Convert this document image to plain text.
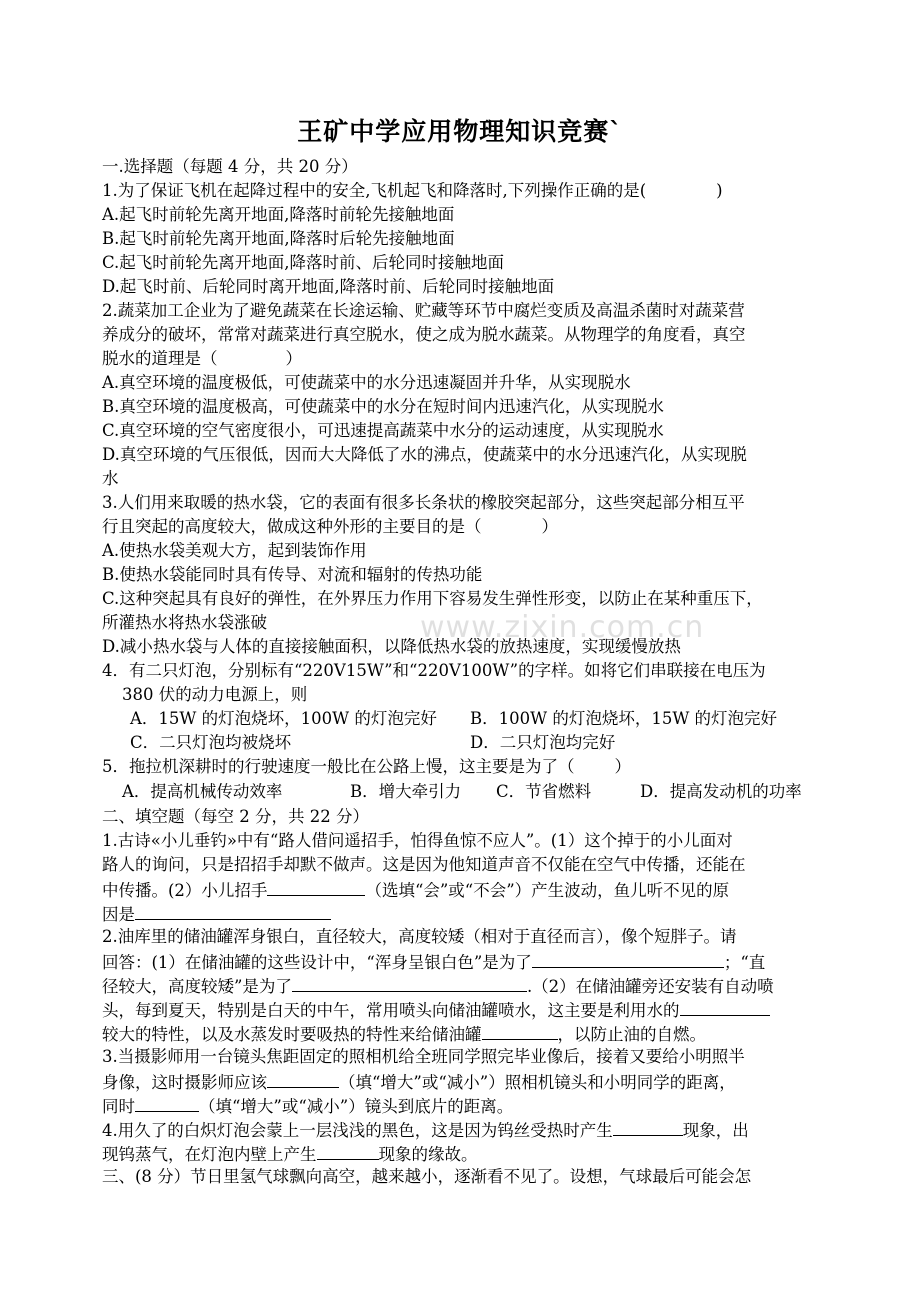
王矿中学应用物理知识竞赛`
www.zixin.com.cn
一.选择题（每题 4 分，共 20 分）
1.为了保证飞机在起降过程中的安全,飞机起飞和降落时,下列操作正确的是(	)
A.起飞时前轮先离开地面,降落时前轮先接触地面
B.起飞时前轮先离开地面,降落时后轮先接触地面
C.起飞时前轮先离开地面,降落时前、后轮同时接触地面
D.起飞时前、后轮同时离开地面,降落时前、后轮同时接触地面
2.蔬菜加工企业为了避免蔬菜在长途运输、贮藏等环节中腐烂变质及高温杀菌时对蔬菜营
养成分的破坏，常常对蔬菜进行真空脱水，使之成为脱水蔬菜。从物理学的角度看，真空
脱水的道理是（	）
A.真空环境的温度极低，可使蔬菜中的水分迅速凝固并升华，从实现脱水
B.真空环境的温度极高，可使蔬菜中的水分在短时间内迅速汽化，从实现脱水
C.真空环境的空气密度很小，可迅速提高蔬菜中水分的运动速度，从实现脱水
D.真空环境的气压很低，因而大大降低了水的沸点，使蔬菜中的水分迅速汽化，从实现脱
水
3.人们用来取暖的热水袋，它的表面有很多长条状的橡胶突起部分，这些突起部分相互平
行且突起的高度较大，做成这种外形的主要目的是（	）
A.使热水袋美观大方，起到装饰作用
B.使热水袋能同时具有传导、对流和辐射的传热功能
C.这种突起具有良好的弹性，在外界压力作用下容易发生弹性形变，以防止在某种重压下，
所灌热水将热水袋涨破
D.减小热水袋与人体的直接接触面积，以降低热水袋的放热速度，实现缓慢放热
4．有二只灯泡，分别标有“220V15W”和“220V100W”的字样。如将它们串联接在电压为
380 伏的动力电源上，则
A．15W 的灯泡烧坏，100W 的灯泡完好 B．100W 的灯泡烧坏，15W 的灯泡完好
C．二只灯泡均被烧坏	D．二只灯泡均完好
5．拖拉机深耕时的行驶速度一般比在公路上慢，这主要是为了（ ）
A．提高机械传动效率	B．增大牵引力 C．节省燃料	D．提高发动机的功率
二、填空题（每空 2 分，共 22 分）
1.古诗«小儿垂钓»中有“路人借问遥招手，怕得鱼惊不应人”。(1）这个掉于的小儿面对
路人的询问，只是招招手却默不做声。这是因为他知道声音不仅能在空气中传播，还能在
中传播。(2）小儿招手	（选填“会”或“不会”）产生波动，鱼儿听不见的原
因是
2.油库里的储油罐浑身银白，直径较大，高度较矮（相对于直径而言），像个短胖子。请
回答：(1）在储油罐的这些设计中，“浑身呈银白色”是为了	；“直
径较大，高度较矮”是为了	.（2）在储油罐旁还安装有自动喷
头，每到夏天，特别是白天的中午，常用喷头向储油罐喷水，这主要是利用水的
较大的特性，以及水蒸发时要吸热的特性来给储油罐	，以防止油的自燃。
3.当摄影师用一台镜头焦距固定的照相机给全班同学照完毕业像后，接着又要给小明照半
身像，这时摄影师应该	（填“增大”或“减小”）照相机镜头和小明同学的距离，
同时	（填“增大”或“减小”）镜头到底片的距离。
4.用久了的白炽灯泡会蒙上一层浅浅的黑色，这是因为钨丝受热时产生	现象，出
现钨蒸气，在灯泡内壁上产生	现象的缘故。
三、(8 分）节日里氢气球飘向高空，越来越小，逐渐看不见了。设想，气球最后可能会怎
